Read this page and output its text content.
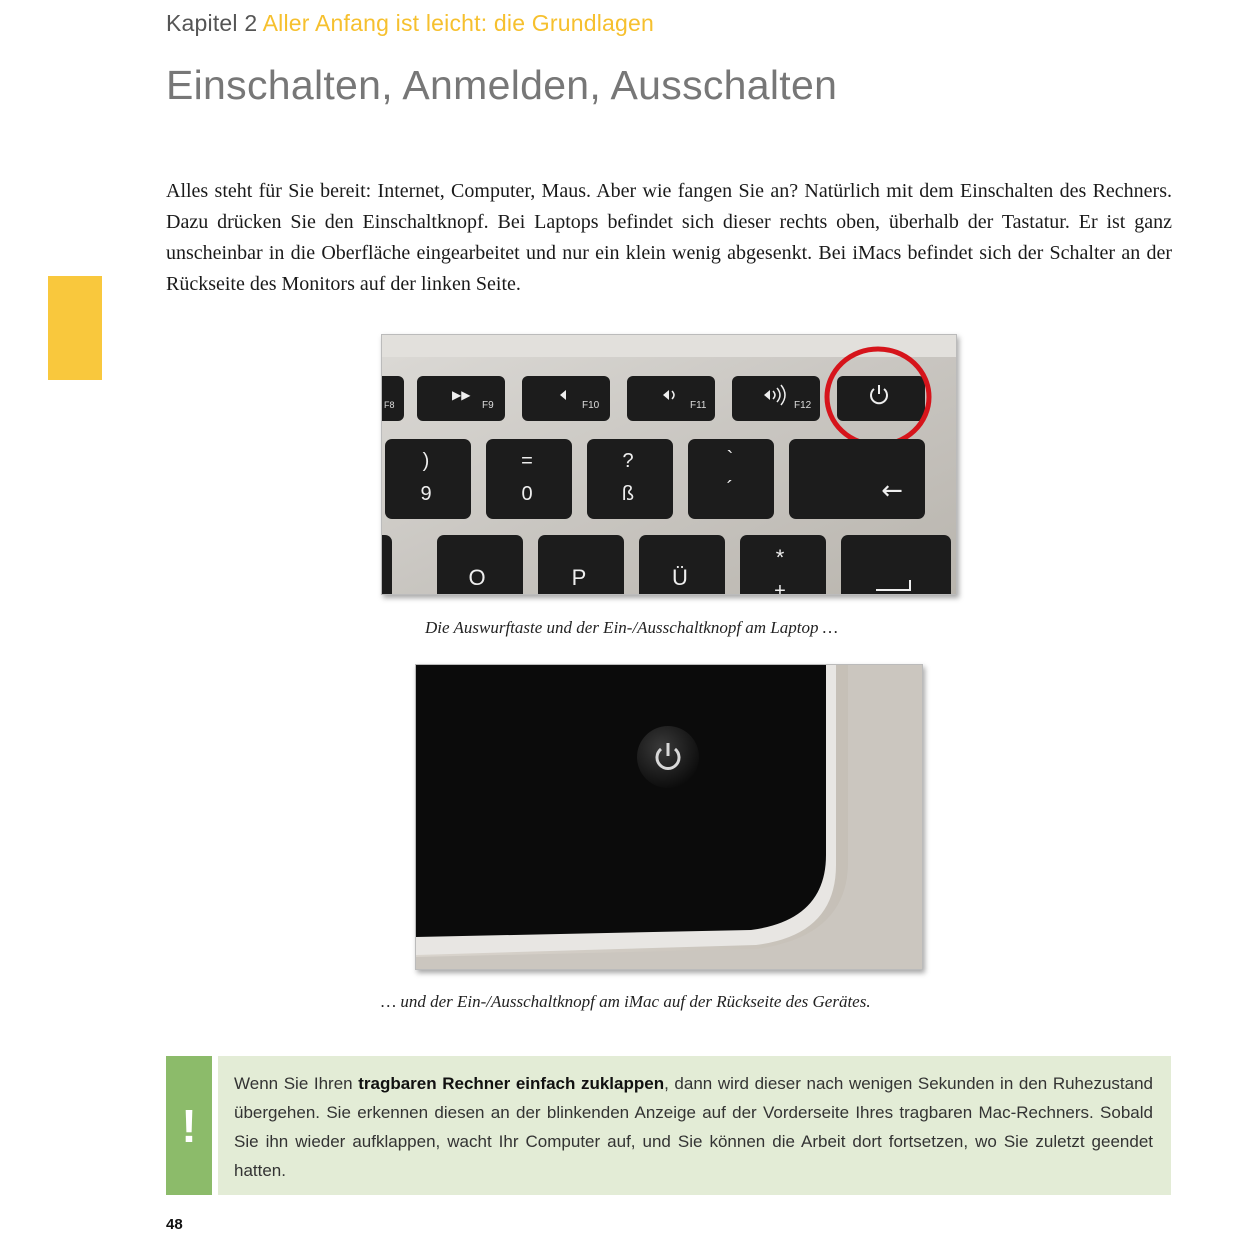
Kapitel 2 Aller Anfang ist leicht: die Grundlagen
Einschalten, Anmelden, Ausschalten

Alles steht für Sie bereit: Internet, Computer, Maus. Aber wie fangen Sie an? Natürlich mit dem Einschalten des Rechners. Dazu drücken Sie den Einschaltknopf. Bei Laptops befindet sich dieser rechts oben, überhalb der Tastatur. Er ist ganz unscheinbar in die Oberfläche eingearbeitet und nur ein klein wenig abgesenkt. Bei iMacs befindet sich der Schalter an der Rückseite des Monitors auf der linken Seite.

F8
▶▶
F9	F10	F11	F12
)
9
=
0
?
ß
`
´	←
O	P	Ü
*
+
Die Auswurftaste und der Ein-/Ausschaltknopf am Laptop …
… und der Ein-/Ausschaltknopf am iMac auf der Rückseite des Gerätes.
!
Wenn Sie Ihren tragbaren Rechner einfach zuklappen, dann wird dieser nach wenigen Sekunden in den Ruhezustand übergehen. Sie erkennen diesen an der blinkenden Anzeige auf der Vorderseite Ihres tragbaren Mac-Rechners. Sobald Sie ihn wieder aufklappen, wacht Ihr Computer auf, und Sie können die Arbeit dort fortsetzen, wo Sie zuletzt geendet hatten.
48
